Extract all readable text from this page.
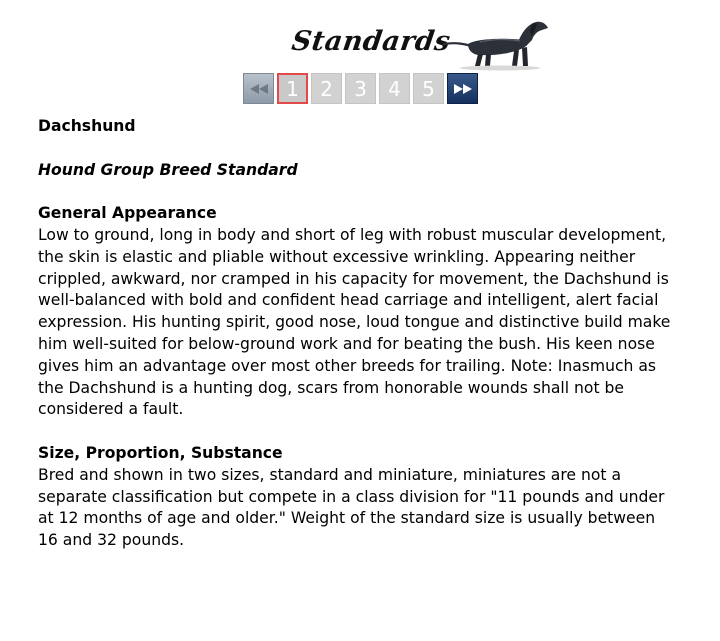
Standards
1 2 3 4 5

Dachshund

Hound Group Breed Standard

General Appearance

Low to ground, long in body and short of leg with robust muscular development, the skin is elastic and pliable without excessive wrinkling. Appearing neither crippled, awkward, nor cramped in his capacity for movement, the Dachshund is well-balanced with bold and confident head carriage and intelligent, alert facial expression. His hunting spirit, good nose, loud tongue and distinctive build make him well-suited for below-ground work and for beating the bush. His keen nose gives him an advantage over most other breeds for trailing. Note: Inasmuch as the Dachshund is a hunting dog, scars from honorable wounds shall not be considered a fault.

Size, Proportion, Substance

Bred and shown in two sizes, standard and miniature, miniatures are not a separate classification but compete in a class division for "11 pounds and under at 12 months of age and older." Weight of the standard size is usually between 16 and 32 pounds.
